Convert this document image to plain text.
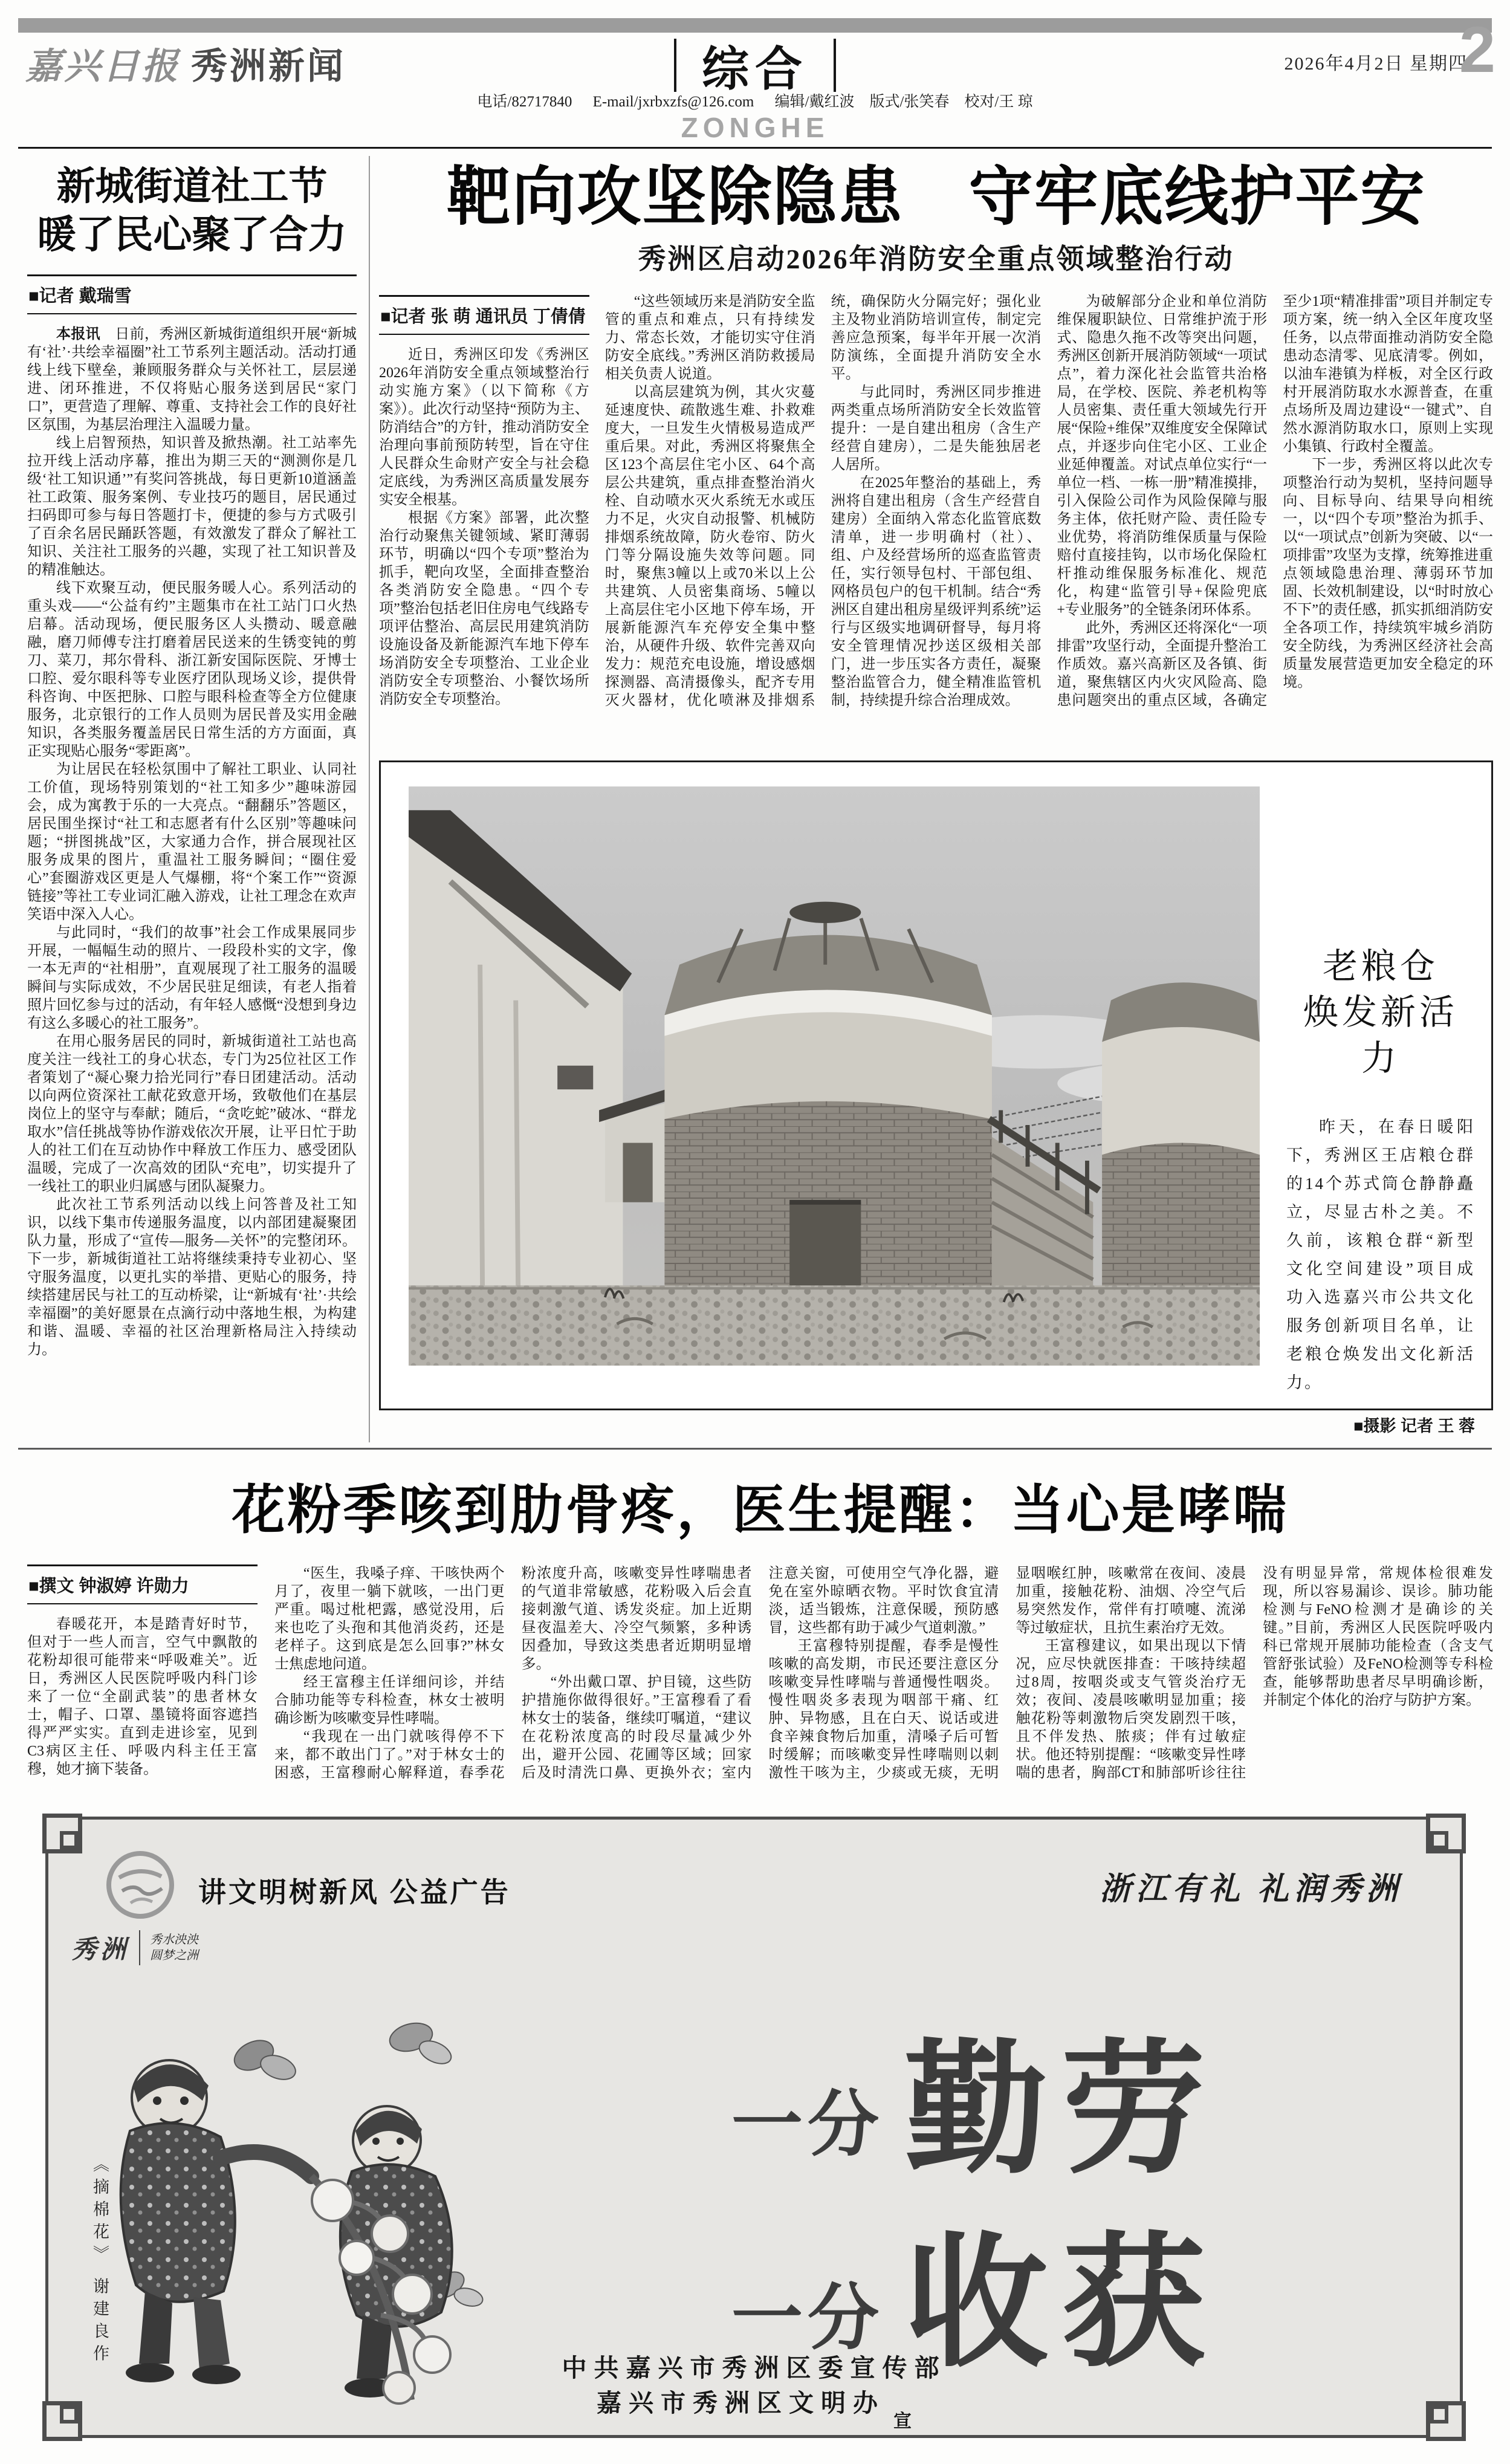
嘉兴日报 秀洲新闻	综合	2026年4月2日 星期四
2
电话/82717840 E-mail/jxrbxzfs@126.com 编辑/戴红波　版式/张笑春　校对/王 琼
ZONGHE
新城街道社工节
暖了民心聚了合力
■记者 戴瑞雪

本报讯　日前，秀洲区新城街道组织开展“新城有‘社’·共绘幸福圈”社工节系列主题活动。活动打通线上线下壁垒，兼顾服务群众与关怀社工，层层递进、闭环推进，不仅将贴心服务送到居民“家门口”，更营造了理解、尊重、支持社会工作的良好社区氛围，为基层治理注入温暖力量。

线上启智预热，知识普及掀热潮。社工站率先拉开线上活动序幕，推出为期三天的“测测你是几级‘社工知识通’”有奖问答挑战，每日更新10道涵盖社工政策、服务案例、专业技巧的题目，居民通过扫码即可参与每日答题打卡，便捷的参与方式吸引了百余名居民踊跃答题，有效激发了群众了解社工知识、关注社工服务的兴趣，实现了社工知识普及的精准触达。

线下欢聚互动，便民服务暖人心。系列活动的重头戏——“公益有约”主题集市在社工站门口火热启幕。活动现场，便民服务区人头攒动、暖意融融，磨刀师傅专注打磨着居民送来的生锈变钝的剪刀、菜刀，邦尔骨科、浙江新安国际医院、牙博士口腔、爱尔眼科等专业医疗团队现场义诊，提供骨科咨询、中医把脉、口腔与眼科检查等全方位健康服务，北京银行的工作人员则为居民普及实用金融知识，各类服务覆盖居民日常生活的方方面面，真正实现贴心服务“零距离”。

为让居民在轻松氛围中了解社工职业、认同社工价值，现场特别策划的“社工知多少”趣味游园会，成为寓教于乐的一大亮点。“翻翻乐”答题区，居民围坐探讨“社工和志愿者有什么区别”等趣味问题；“拼图挑战”区，大家通力合作，拼合展现社区服务成果的图片，重温社工服务瞬间；“圈住爱心”套圈游戏区更是人气爆棚，将“个案工作”“资源链接”等社工专业词汇融入游戏，让社工理念在欢声笑语中深入人心。

与此同时，“我们的故事”社会工作成果展同步开展，一幅幅生动的照片、一段段朴实的文字，像一本无声的“社相册”，直观展现了社工服务的温暖瞬间与实际成效，不少居民驻足细读，有老人指着照片回忆参与过的活动，有年轻人感慨“没想到身边有这么多暖心的社工服务”。

在用心服务居民的同时，新城街道社工站也高度关注一线社工的身心状态，专门为25位社区工作者策划了“凝心聚力拾光同行”春日团建活动。活动以向两位资深社工献花致意开场，致敬他们在基层岗位上的坚守与奉献；随后，“贪吃蛇”破冰、“群龙取水”信任挑战等协作游戏依次开展，让平日忙于助人的社工们在互动协作中释放工作压力、感受团队温暖，完成了一次高效的团队“充电”，切实提升了一线社工的职业归属感与团队凝聚力。

此次社工节系列活动以线上问答普及社工知识，以线下集市传递服务温度，以内部团建凝聚团队力量，形成了“宣传—服务—关怀”的完整闭环。下一步，新城街道社工站将继续秉持专业初心、坚守服务温度，以更扎实的举措、更贴心的服务，持续搭建居民与社工的互动桥梁，让“新城有‘社’·共绘幸福圈”的美好愿景在点滴行动中落地生根，为构建和谐、温暖、幸福的社区治理新格局注入持续动力。

靶向攻坚除隐患　守牢底线护平安
秀洲区启动2026年消防安全重点领域整治行动
■记者 张 萌 通讯员 丁倩倩

近日，秀洲区印发《秀洲区2026年消防安全重点领域整治行动实施方案》（以下简称《方案》）。此次行动坚持“预防为主、防消结合”的方针，推动消防安全治理向事前预防转型，旨在守住人民群众生命财产安全与社会稳定底线，为秀洲区高质量发展夯实安全根基。

根据《方案》部署，此次整治行动聚焦关键领域、紧盯薄弱环节，明确以“四个专项”整治为抓手，靶向攻坚，全面排查整治各类消防安全隐患。“四个专项”整治包括老旧住房电气线路专项评估整治、高层民用建筑消防设施设备及新能源汽车地下停车场消防安全专项整治、工业企业消防安全专项整治、小餐饮场所消防安全专项整治。

“这些领域历来是消防安全监管的重点和难点，只有持续发力、常态长效，才能切实守住消防安全底线。”秀洲区消防救援局相关负责人说道。

以高层建筑为例，其火灾蔓延速度快、疏散逃生难、扑救难度大，一旦发生火情极易造成严重后果。对此，秀洲区将聚焦全区123个高层住宅小区、64个高层公共建筑，重点排查整治消火栓、自动喷水灭火系统无水或压力不足，火灾自动报警、机械防排烟系统故障，防火卷帘、防火门等分隔设施失效等问题。同时，聚焦3幢以上或70米以上公共建筑、人员密集商场、5幢以上高层住宅小区地下停车场，开展新能源汽车充停安全集中整治，从硬件升级、软件完善双向发力：规范充电设施，增设感烟探测器、高清摄像头，配齐专用灭火器材，优化喷淋及排烟系统，确保防火分隔完好；强化业主及物业消防培训宣传，制定完善应急预案，每半年开展一次消防演练，全面提升消防安全水平。

与此同时，秀洲区同步推进两类重点场所消防安全长效监管提升：一是自建出租房（含生产经营自建房），二是失能独居老人居所。

在2025年整治的基础上，秀洲将自建出租房（含生产经营自建房）全面纳入常态化监管底数清单，进一步明确村（社）、组、户及经营场所的巡查监管责任，实行领导包村、干部包组、网格员包户的包干机制。结合“秀洲区自建出租房星级评判系统”运行与区级实地调研督导，每月将安全管理情况抄送区级相关部门，进一步压实各方责任，凝聚整治监管合力，健全精准监管机制，持续提升综合治理成效。

为破解部分企业和单位消防维保履职缺位、日常维护流于形式、隐患久拖不改等突出问题，秀洲区创新开展消防领域“一项试点”，着力深化社会监管共治格局，在学校、医院、养老机构等人员密集、责任重大领域先行开展“保险+维保”双维度安全保障试点，并逐步向住宅小区、工业企业延伸覆盖。对试点单位实行“一单位一档、一栋一册”精准摸排，引入保险公司作为风险保障与服务主体，依托财产险、责任险专业优势，将消防维保质量与保险赔付直接挂钩，以市场化保险杠杆推动维保服务标准化、规范化，构建“监管引导+保险兜底+专业服务”的全链条闭环体系。

此外，秀洲区还将深化“一项排雷”攻坚行动，全面提升整治工作质效。嘉兴高新区及各镇、街道，聚焦辖区内火灾风险高、隐患问题突出的重点区域，各确定至少1项“精准排雷”项目并制定专项方案，统一纳入全区年度攻坚任务，以点带面推动消防安全隐患动态清零、见底清零。例如，以油车港镇为样板，对全区行政村开展消防取水水源普查，在重点场所及周边建设“一键式”、自然水源消防取水口，原则上实现小集镇、行政村全覆盖。

下一步，秀洲区将以此次专项整治行动为契机，坚持问题导向、目标导向、结果导向相统一，以“四个专项”整治为抓手、以“一项试点”创新为突破、以“一项排雷”攻坚为支撑，统筹推进重点领域隐患治理、薄弱环节加固、长效机制建设，以“时时放心不下”的责任感，抓实抓细消防安全各项工作，持续筑牢城乡消防安全防线，为秀洲区经济社会高质量发展营造更加安全稳定的环境。

老粮仓
焕发新活力
昨天，在春日暖阳下，秀洲区王店粮仓群的14个苏式筒仓静静矗立，尽显古朴之美。不久前，该粮仓群“新型文化空间建设”项目成功入选嘉兴市公共文化服务创新项目名单，让老粮仓焕发出文化新活力。
■摄影 记者 王 蓉
花粉季咳到肋骨疼，医生提醒：当心是哮喘
■撰文 钟淑婷 许勋力

春暖花开，本是踏青好时节，但对于一些人而言，空气中飘散的花粉却很可能带来“呼吸难关”。近日，秀洲区人民医院呼吸内科门诊来了一位“全副武装”的患者林女士，帽子、口罩、墨镜将面容遮挡得严严实实。直到走进诊室，见到C3病区主任、呼吸内科主任王富穆，她才摘下装备。

“医生，我嗓子痒、干咳快两个月了，夜里一躺下就咳，一出门更严重。喝过枇杷露，感觉没用，后来也吃了头孢和其他消炎药，还是老样子。这到底是怎么回事?”林女士焦虑地问道。

经王富穆主任详细问诊，并结合肺功能等专科检查，林女士被明确诊断为咳嗽变异性哮喘。

“我现在一出门就咳得停不下来，都不敢出门了。”对于林女士的困惑，王富穆耐心解释道，春季花粉浓度升高，咳嗽变异性哮喘患者的气道非常敏感，花粉吸入后会直接刺激气道、诱发炎症。加上近期昼夜温差大、冷空气频繁，多种诱因叠加，导致这类患者近期明显增多。

“外出戴口罩、护目镜，这些防护措施你做得很好。”王富穆看了看林女士的装备，继续叮嘱道，“建议在花粉浓度高的时段尽量减少外出，避开公园、花圃等区域；回家后及时清洗口鼻、更换外衣；室内注意关窗，可使用空气净化器，避免在室外晾晒衣物。平时饮食宜清淡，适当锻炼，注意保暖，预防感冒，这些都有助于减少气道刺激。”

王富穆特别提醒，春季是慢性咳嗽的高发期，市民还要注意区分咳嗽变异性哮喘与普通慢性咽炎。慢性咽炎多表现为咽部干痛、红肿、异物感，且在白天、说话或进食辛辣食物后加重，清嗓子后可暂时缓解；而咳嗽变异性哮喘则以刺激性干咳为主，少痰或无痰，无明显咽喉红肿，咳嗽常在夜间、凌晨加重，接触花粉、油烟、冷空气后易突然发作，常伴有打喷嚏、流涕等过敏症状，且抗生素治疗无效。

王富穆建议，如果出现以下情况，应尽快就医排查：干咳持续超过8周，按咽炎或支气管炎治疗无效；夜间、凌晨咳嗽明显加重；接触花粉等刺激物后突发剧烈干咳，且不伴发热、脓痰；伴有过敏症状。他还特别提醒：“咳嗽变异性哮喘的患者，胸部CT和肺部听诊往往没有明显异常，常规体检很难发现，所以容易漏诊、误诊。肺功能检测与FeNO检测才是确诊的关键。”目前，秀洲区人民医院呼吸内科已常规开展肺功能检查（含支气管舒张试验）及FeNO检测等专科检查，能够帮助患者尽早明确诊断，并制定个体化的治疗与防护方案。

讲文明树新风 公益广告	浙江有礼 礼润秀洲
秀洲 秀水泱泱
圆梦之洲
一分 勤劳
一分 收获
《摘棉花》 谢建良作
中共嘉兴市秀洲区委宣传部
嘉兴市秀洲区文明办宣
